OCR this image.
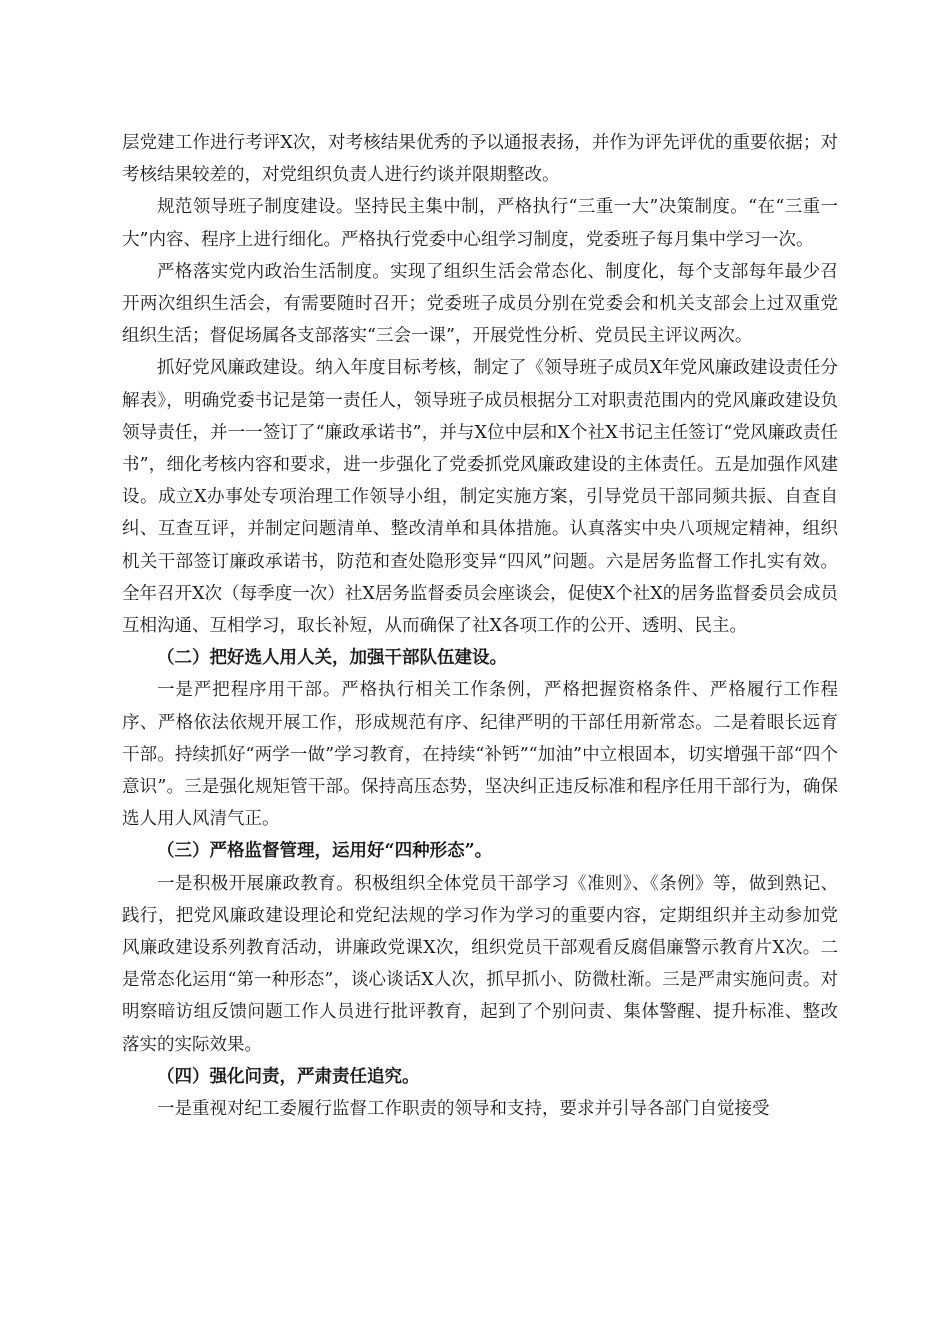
层党建工作进行考评X次，对考核结果优秀的予以通报表扬，并作为评先评优的重要依据；对考核结果较差的，对党组织负责人进行约谈并限期整改。

规范领导班子制度建设。坚持民主集中制，严格执行“三重一大”决策制度。“在“三重一大”内容、程序上进行细化。严格执行党委中心组学习制度，党委班子每月集中学习一次。

严格落实党内政治生活制度。实现了组织生活会常态化、制度化，每个支部每年最少召开两次组织生活会，有需要随时召开；党委班子成员分别在党委会和机关支部会上过双重党组织生活；督促场属各支部落实“三会一课”，开展党性分析、党员民主评议两次。

抓好党风廉政建设。纳入年度目标考核，制定了《领导班子成员X年党风廉政建设责任分解表》，明确党委书记是第一责任人，领导班子成员根据分工对职责范围内的党风廉政建设负领导责任，并一一签订了“廉政承诺书”，并与X位中层和X个社X书记主任签订“党风廉政责任书”，细化考核内容和要求，进一步强化了党委抓党风廉政建设的主体责任。五是加强作风建设。成立X办事处专项治理工作领导小组，制定实施方案，引导党员干部同频共振、自查自纠、互查互评，并制定问题清单、整改清单和具体措施。认真落实中央八项规定精神，组织机关干部签订廉政承诺书，防范和查处隐形变异“四风”问题。六是居务监督工作扎实有效。全年召开X次（每季度一次）社X居务监督委员会座谈会，促使X个社X的居务监督委员会成员互相沟通、互相学习，取长补短，从而确保了社X各项工作的公开、透明、民主。

（二）把好选人用人关，加强干部队伍建设。

一是严把程序用干部。严格执行相关工作条例，严格把握资格条件、严格履行工作程序、严格依法依规开展工作，形成规范有序、纪律严明的干部任用新常态。二是着眼长远育干部。持续抓好“两学一做”学习教育，在持续“补钙”“加油”中立根固本，切实增强干部“四个意识”。三是强化规矩管干部。保持高压态势，坚决纠正违反标准和程序任用干部行为，确保选人用人风清气正。

（三）严格监督管理，运用好“四种形态”。

一是积极开展廉政教育。积极组织全体党员干部学习《准则》、《条例》等，做到熟记、践行，把党风廉政建设理论和党纪法规的学习作为学习的重要内容，定期组织并主动参加党风廉政建设系列教育活动，讲廉政党课X次，组织党员干部观看反腐倡廉警示教育片X次。二是常态化运用“第一种形态”，谈心谈话X人次，抓早抓小、防微杜渐。三是严肃实施问责。对明察暗访组反馈问题工作人员进行批评教育，起到了个别问责、集体警醒、提升标准、整改落实的实际效果。

（四）强化问责，严肃责任追究。

一是重视对纪工委履行监督工作职责的领导和支持，要求并引导各部门自觉接受
